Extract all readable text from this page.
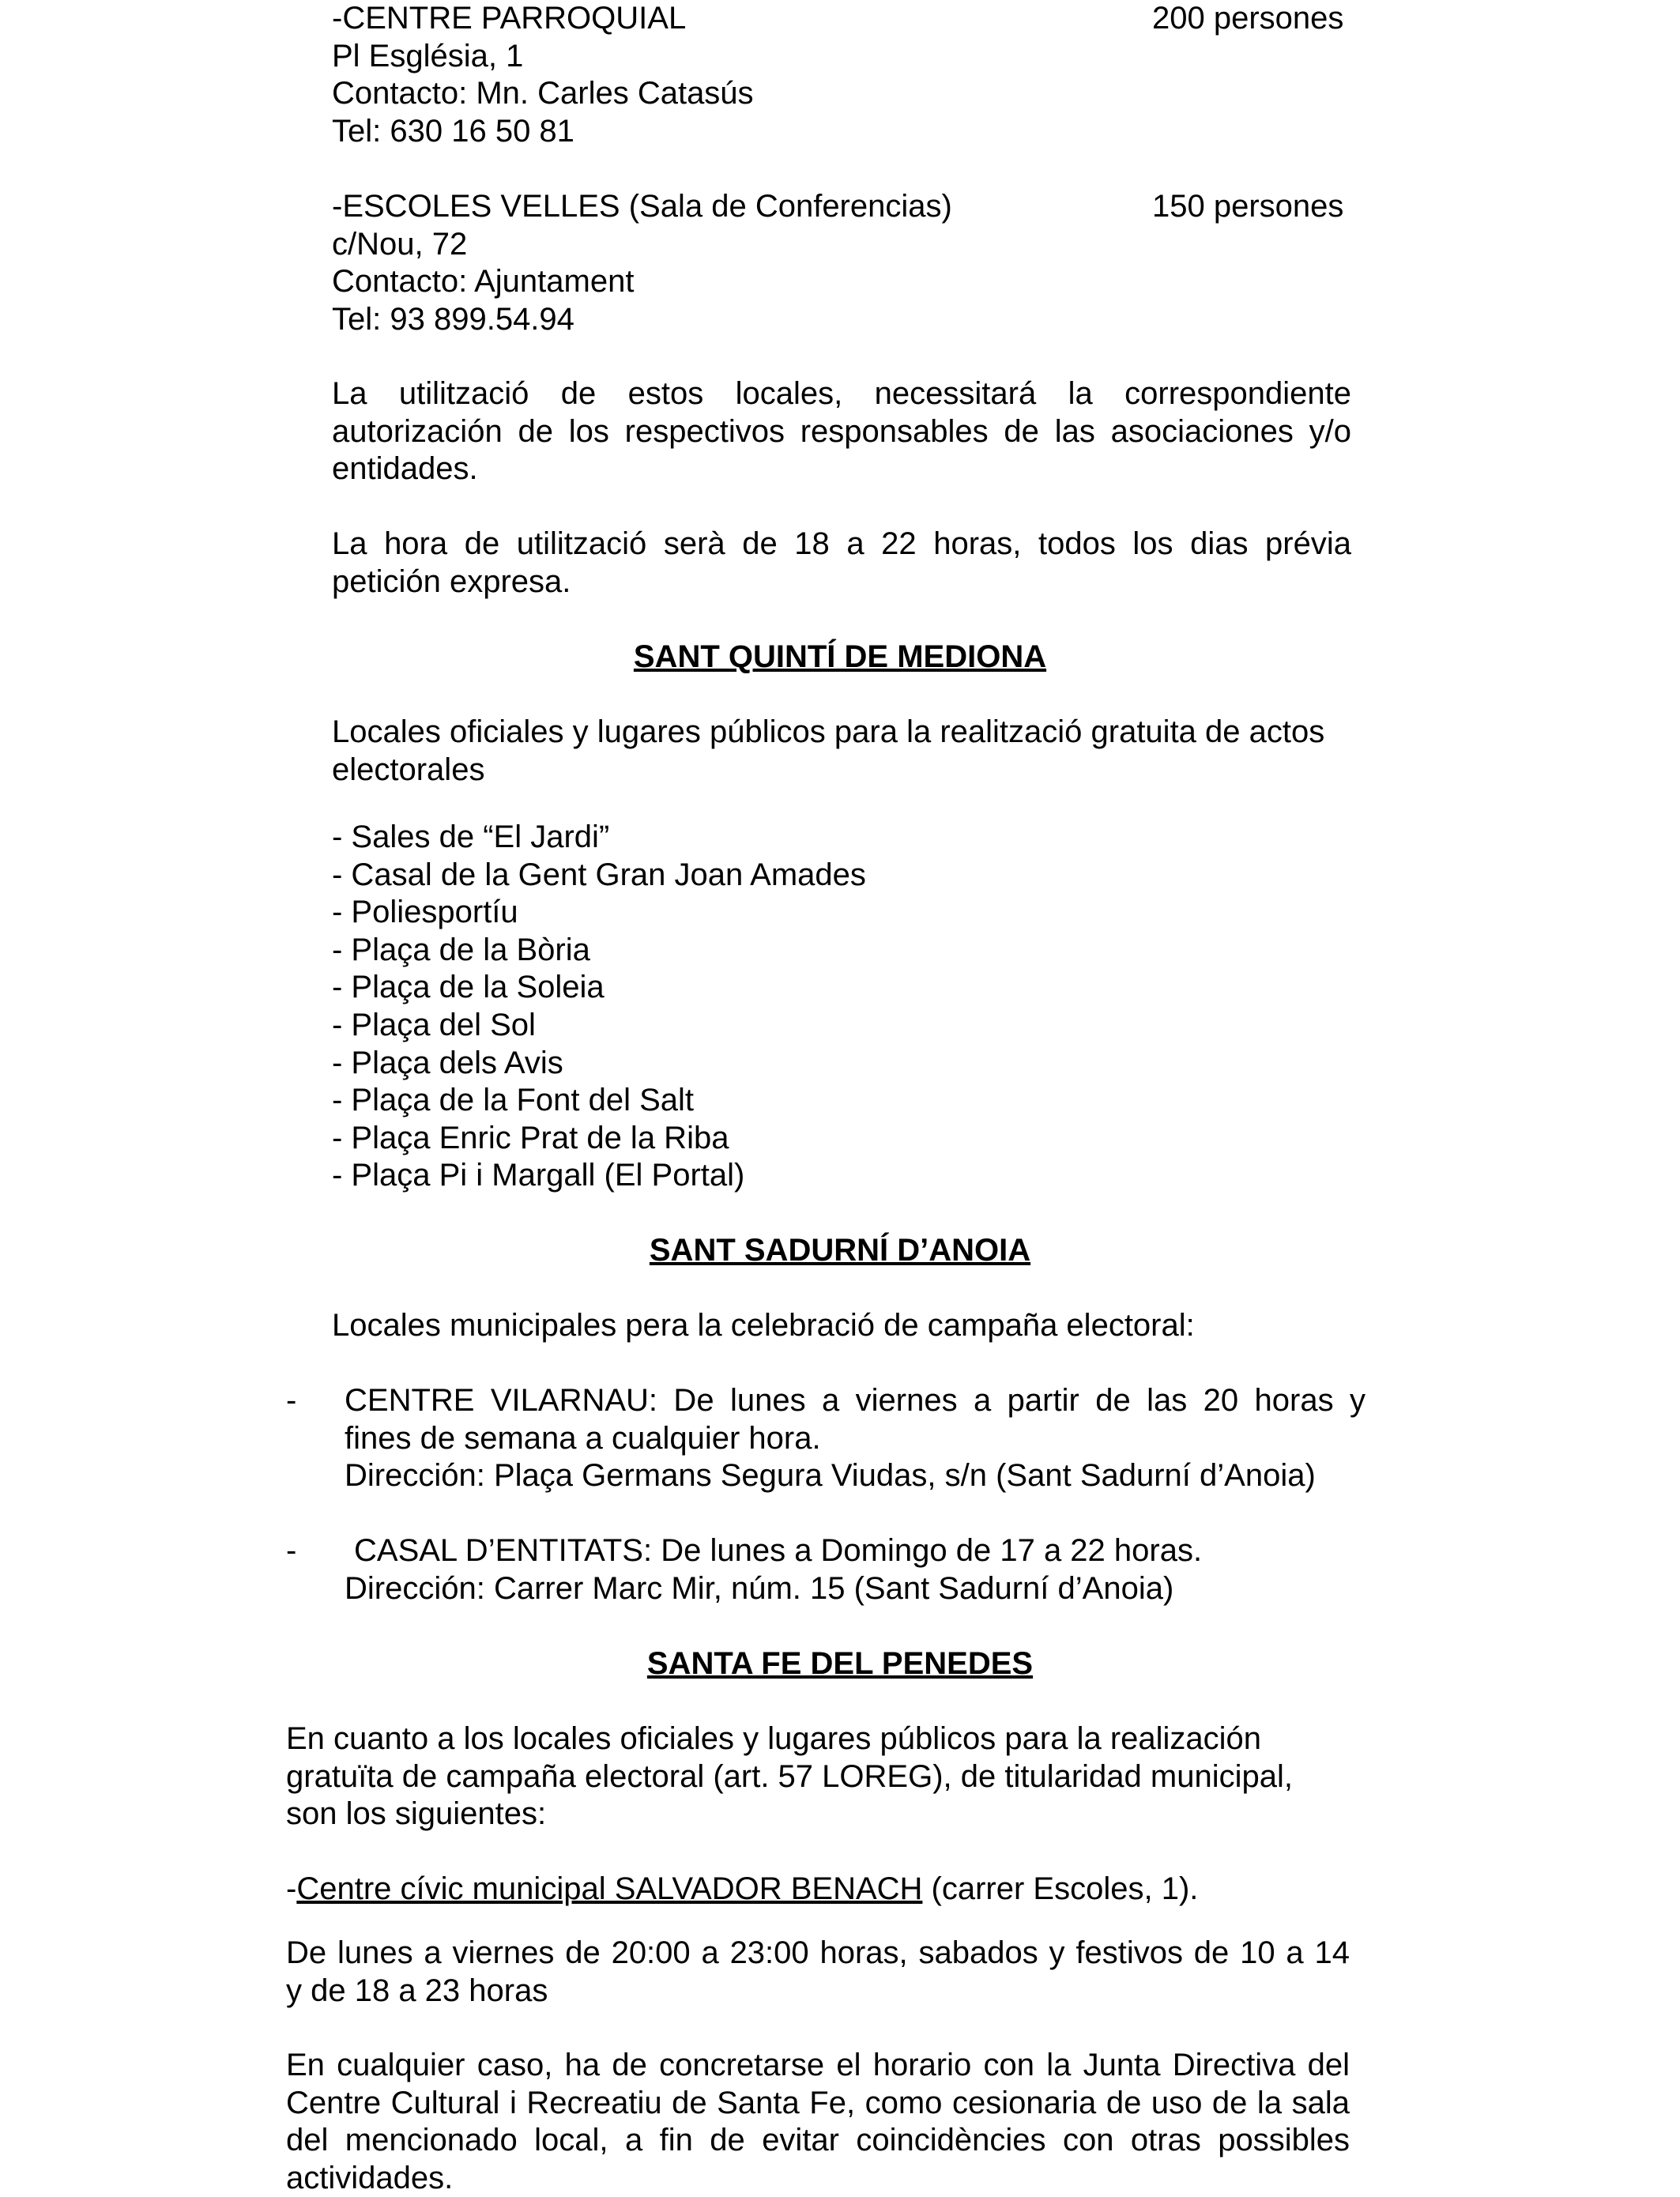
-CENTRE PARROQUIAL
Pl Església, 1
Contacto: Mn. Carles Catasús
Tel: 630 16 50 81
200 persones
-ESCOLES VELLES (Sala de Conferencias)
c/Nou, 72
Contacto: Ajuntament
Tel: 93 899.54.94
150 persones
La utilització de estos locales, necessitará la correspondiente
autorización de los respectivos responsables de las asociaciones y/o
entidades.
La hora de utilització serà de 18 a 22 horas, todos los dias prévia
petición expresa.
SANT QUINTÍ DE MEDIONA
Locales oficiales y lugares públicos para la realització gratuita de actos
electorales
- Sales de “El Jardi”
- Casal de la Gent Gran Joan Amades
- Poliesportíu
- Plaça de la Bòria
- Plaça de la Soleia
- Plaça del Sol
- Plaça dels Avis
- Plaça de la Font del Salt
- Plaça Enric Prat de la Riba
- Plaça Pi i Margall (El Portal)
SANT SADURNÍ D’ANOIA
Locales municipales pera la celebració de campaña electoral:
- CENTRE VILARNAU: De lunes a viernes a partir de las 20 horas y
fines de semana a cualquier hora.
Dirección: Plaça Germans Segura Viudas, s/n (Sant Sadurní d’Anoia)
-	CASAL D’ENTITATS: De lunes a Domingo de 17 a 22 horas.
Dirección: Carrer Marc Mir, núm. 15 (Sant Sadurní d’Anoia)
SANTA FE DEL PENEDES
En cuanto a los locales oficiales y lugares públicos para la realización
gratuïta de campaña electoral (art. 57 LOREG), de titularidad municipal,
son los siguientes:
-Centre cívic municipal SALVADOR BENACH (carrer Escoles, 1).
De lunes a viernes de 20:00 a 23:00 horas, sabados y festivos de 10 a 14
y de 18 a 23 horas
En cualquier caso, ha de concretarse el horario con la Junta Directiva del
Centre Cultural i Recreatiu de Santa Fe, como cesionaria de uso de la sala
del mencionado local, a fin de evitar coincidències con otras possibles
actividades.
